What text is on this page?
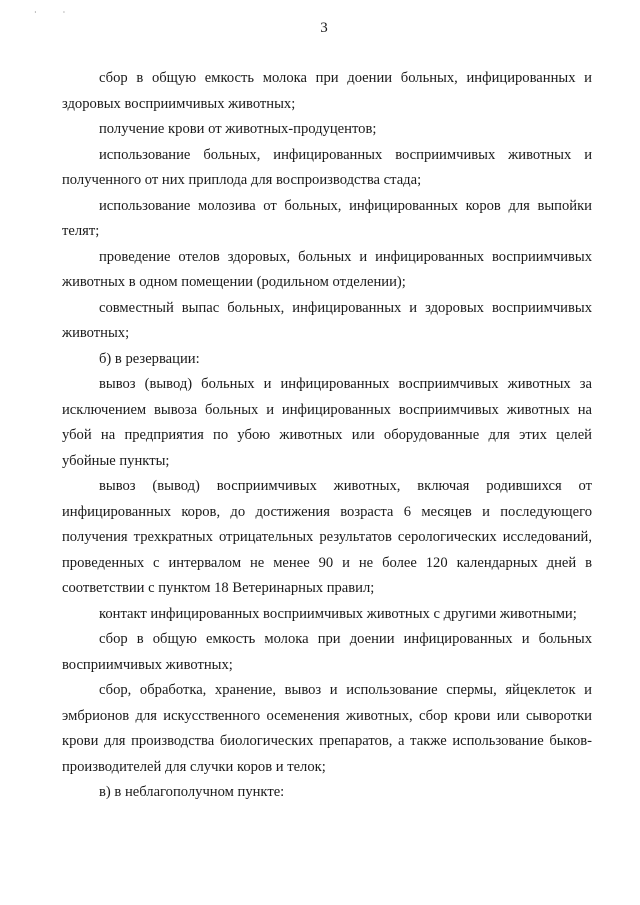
·             ·
3

сбор в общую емкость молока при доении больных, инфицированных и здоровых восприимчивых животных;

получение крови от животных-продуцентов;

использование больных, инфицированных восприимчивых животных и полученного от них приплода для воспроизводства стада;

использование молозива от больных, инфицированных коров для выпойки телят;

проведение отелов здоровых, больных и инфицированных восприимчивых животных в одном помещении (родильном отделении);

совместный выпас больных, инфицированных и здоровых восприимчивых животных;

б) в резервации:

вывоз (вывод) больных и инфицированных восприимчивых животных за исключением вывоза больных и инфицированных восприимчивых животных на убой на предприятия по убою животных или оборудованные для этих целей убойные пункты;

вывоз (вывод) восприимчивых животных, включая родившихся от инфицированных коров, до достижения возраста 6 месяцев и последующего получения трехкратных отрицательных результатов серологических исследований, проведенных с интервалом не менее 90 и не более 120 календарных дней в соответствии с пунктом 18 Ветеринарных правил;

контакт инфицированных восприимчивых животных с другими животными;

сбор в общую емкость молока при доении инфицированных и больных восприимчивых животных;

сбор, обработка, хранение, вывоз и использование спермы, яйцеклеток и эмбрионов для искусственного осеменения животных, сбор крови или сыворотки крови для производства биологических препаратов, а также использование быков-производителей для случки коров и телок;

в) в неблагополучном пункте:
